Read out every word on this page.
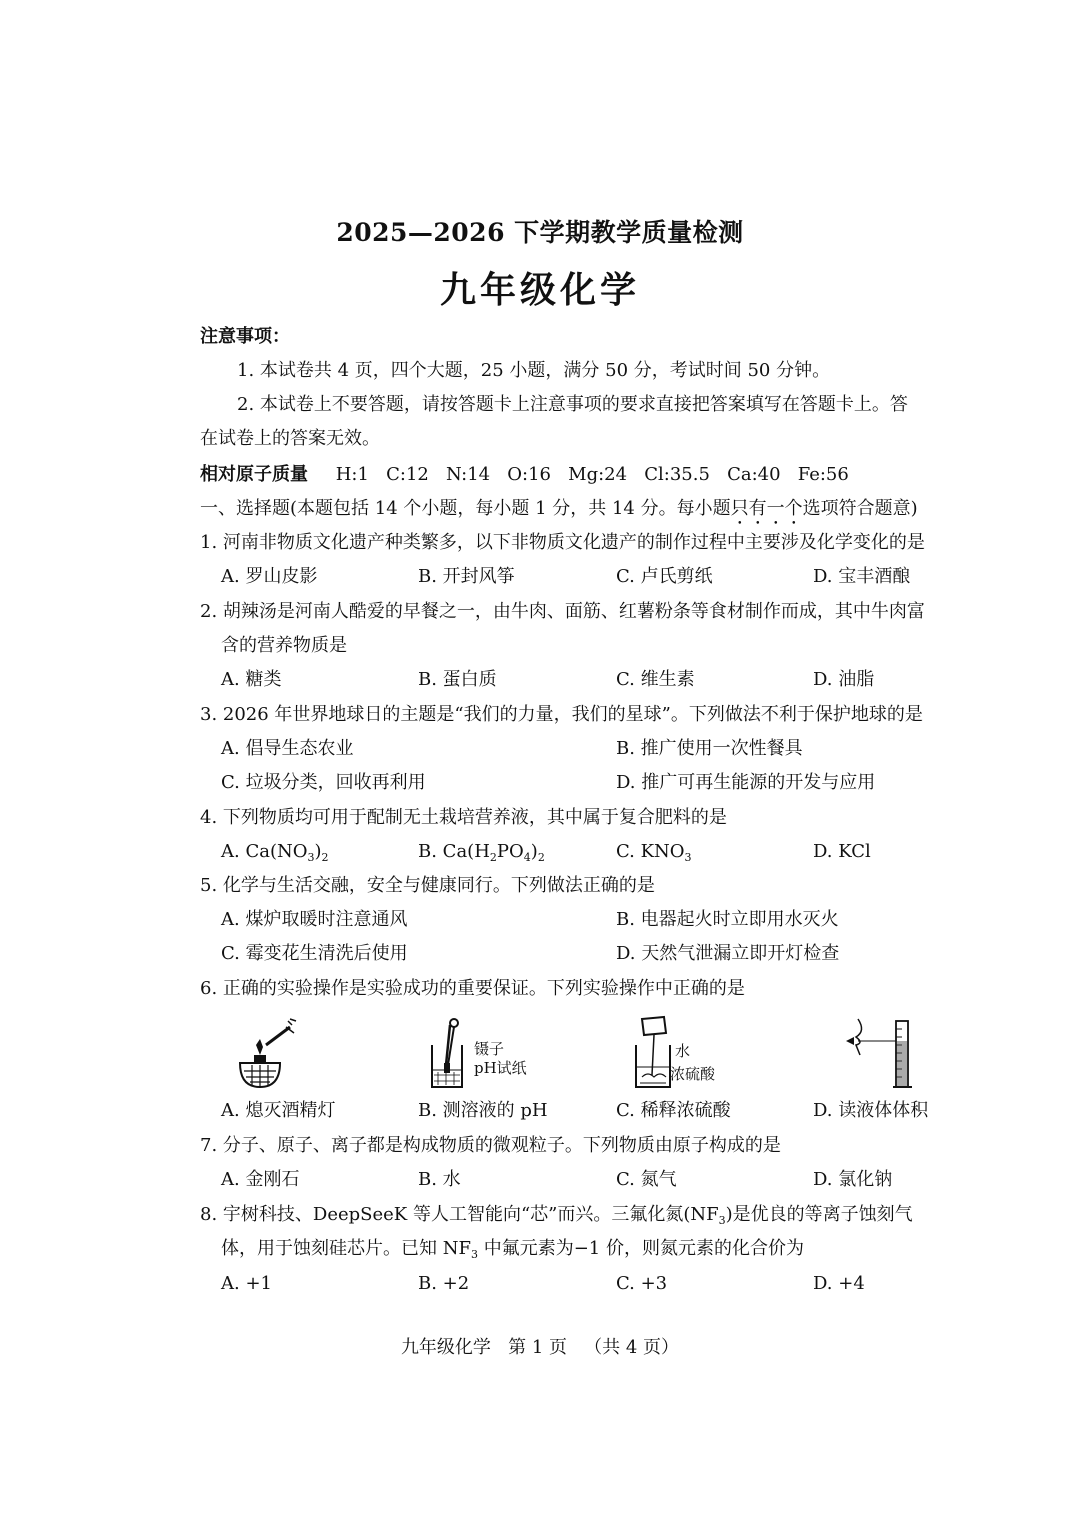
2025—2026 下学期教学质量检测
九年级化学
注意事项：
1. 本试卷共 4 页，四个大题，25 小题，满分 50 分，考试时间 50 分钟。
2. 本试卷上不要答题，请按答题卡上注意事项的要求直接把答案填写在答题卡上。答
在试卷上的答案无效。
相对原子质量 H:1   C:12   N:14   O:16   Mg:24   Cl:35.5   Ca:40   Fe:56
一、选择题(本题包括 14 个小题，每小题 1 分，共 14 分。每小题只有一个选项符合题意)
1. 河南非物质文化遗产种类繁多，以下非物质文化遗产的制作过程中主要涉及化学变化的是
A. 罗山皮影	B. 开封风筝	C. 卢氏剪纸	D. 宝丰酒酿
2. 胡辣汤是河南人酷爱的早餐之一，由牛肉、面筋、红薯粉条等食材制作而成，其中牛肉富
含的营养物质是
A. 糖类	B. 蛋白质	C. 维生素	D. 油脂
3. 2026 年世界地球日的主题是“我们的力量，我们的星球”。下列做法不利于保护地球的是
A. 倡导生态农业	B. 推广使用一次性餐具
C. 垃圾分类，回收再利用	D. 推广可再生能源的开发与应用
4. 下列物质均可用于配制无土栽培营养液，其中属于复合肥料的是
A. $Ca(NO_3)_2$	B. $Ca(H_2PO_4)_2$	C. $KNO_3$	D. KCl
5. 化学与生活交融，安全与健康同行。下列做法正确的是
A. 煤炉取暖时注意通风	B. 电器起火时立即用水灭火
C. 霉变花生清洗后使用	D. 天然气泄漏立即开灯检查
6. 正确的实验操作是实验成功的重要保证。下列实验操作中正确的是
镊子
pH试纸
水
浓硫酸
A. 熄灭酒精灯	B. 测溶液的 pH	C. 稀释浓硫酸	D. 读液体体积
7. 分子、原子、离子都是构成物质的微观粒子。下列物质由原子构成的是
A. 金刚石	B. 水	C. 氮气	D. 氯化钠
8. 宇树科技、DeepSeeK 等人工智能向“芯”而兴。三氟化氮$(NF_3)$是优良的等离子蚀刻气
体，用于蚀刻硅芯片。已知 $NF_3$ 中氟元素为−1 价，则氮元素的化合价为
A. +1	B. +2	C. +3	D. +4
九年级化学   第 1 页   （共 4 页）
